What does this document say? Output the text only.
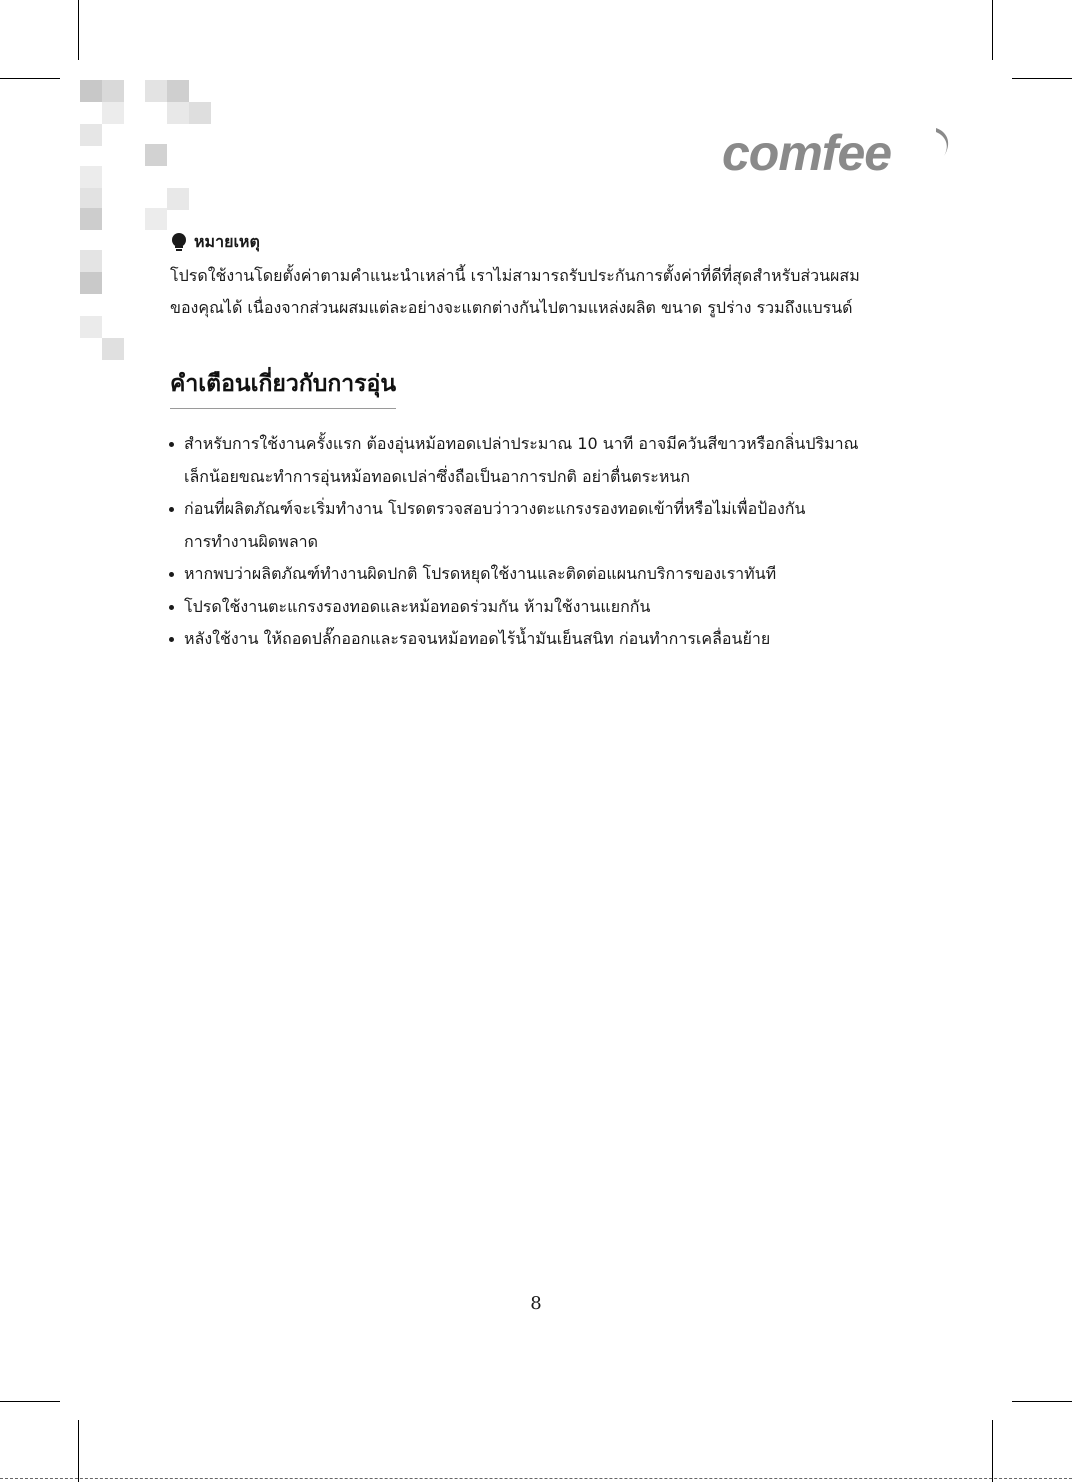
comfee
หมายเหตุ
โปรดใช้งานโดยตั้งค่าตามคำแนะนำเหล่านี้ เราไม่สามารถรับประกันการตั้งค่าที่ดีที่สุดสำหรับส่วนผสม
ของคุณได้ เนื่องจากส่วนผสมแต่ละอย่างจะแตกต่างกันไปตามแหล่งผลิต ขนาด รูปร่าง รวมถึงแบรนด์
คำเตือนเกี่ยวกับการอุ่น
สำหรับการใช้งานครั้งแรก ต้องอุ่นหม้อทอดเปล่าประมาณ 10 นาที อาจมีควันสีขาวหรือกลิ่นปริมาณ
เล็กน้อยขณะทำการอุ่นหม้อทอดเปล่าซึ่งถือเป็นอาการปกติ อย่าตื่นตระหนก
ก่อนที่ผลิตภัณฑ์จะเริ่มทำงาน โปรดตรวจสอบว่าวางตะแกรงรองทอดเข้าที่หรือไม่เพื่อป้องกัน
การทำงานผิดพลาด
หากพบว่าผลิตภัณฑ์ทำงานผิดปกติ โปรดหยุดใช้งานและติดต่อแผนกบริการของเราทันที
โปรดใช้งานตะแกรงรองทอดและหม้อทอดร่วมกัน ห้ามใช้งานแยกกัน
หลังใช้งาน ให้ถอดปลั๊กออกและรอจนหม้อทอดไร้น้ำมันเย็นสนิท ก่อนทำการเคลื่อนย้าย
8
